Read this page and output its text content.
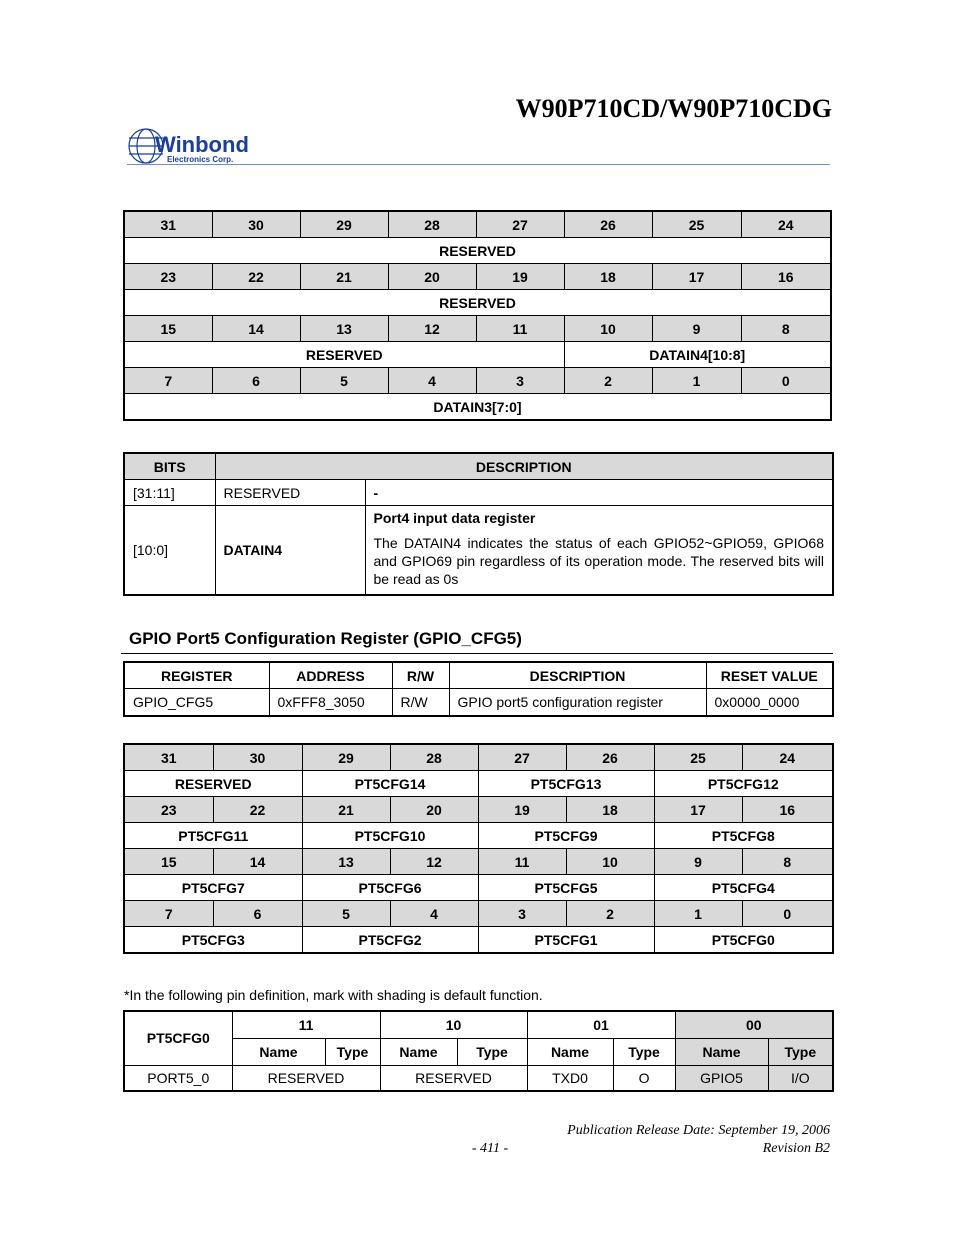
W90P710CD/W90P710CDG
Winbond
Electronics Corp.
31	30	29	28	27	26	25	24
RESERVED							
23	22	21	20	19	18	17	16
RESERVED							
15	14	13	12	11	10	9	8
RESERVED					DATAIN4[10:8]		
7	6	5	4	3	2	1	0
DATAIN3[7:0]							
BITS	DESCRIPTION	
[31:11]	RESERVED	-
[10:0]	DATAIN4	Port4 input data register
The DATAIN4 indicates the status of each GPIO52~GPIO59, GPIO68 and GPIO69 pin regardless of its operation mode. The reserved bits will be read as 0s
GPIO Port5 Configuration Register (GPIO_CFG5)
REGISTER	ADDRESS	R/W	DESCRIPTION	RESET VALUE
GPIO_CFG5	0xFFF8_3050	R/W	GPIO port5 configuration register	0x0000_0000
31	30	29	28	27	26	25	24
RESERVED		PT5CFG14		PT5CFG13		PT5CFG12	
23	22	21	20	19	18	17	16
PT5CFG11		PT5CFG10		PT5CFG9		PT5CFG8	
15	14	13	12	11	10	9	8
PT5CFG7		PT5CFG6		PT5CFG5		PT5CFG4	
7	6	5	4	3	2	1	0
PT5CFG3		PT5CFG2		PT5CFG1		PT5CFG0	
*In the following pin definition, mark with shading is default function.
PT5CFG0	11		10		01		00	
	Name	Type	Name	Type	Name	Type	Name	Type
PORT5_0	RESERVED		RESERVED		TXD0	O	GPIO5	I/O
Publication Release Date: September 19, 2006
- 411 -	Revision B2
